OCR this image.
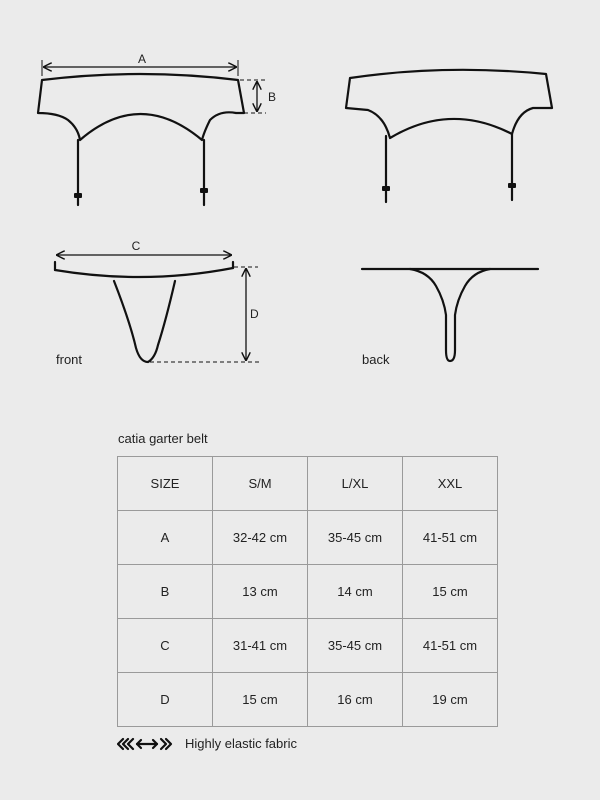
A
B
C
D
front	back
catia garter belt
SIZE	S/M	L/XL	XXL
A	32-42 cm	35-45 cm	41-51 cm
B	13 cm	14 cm	15 cm
C	31-41 cm	35-45 cm	41-51 cm
D	15 cm	16 cm	19 cm
Highly elastic fabric
